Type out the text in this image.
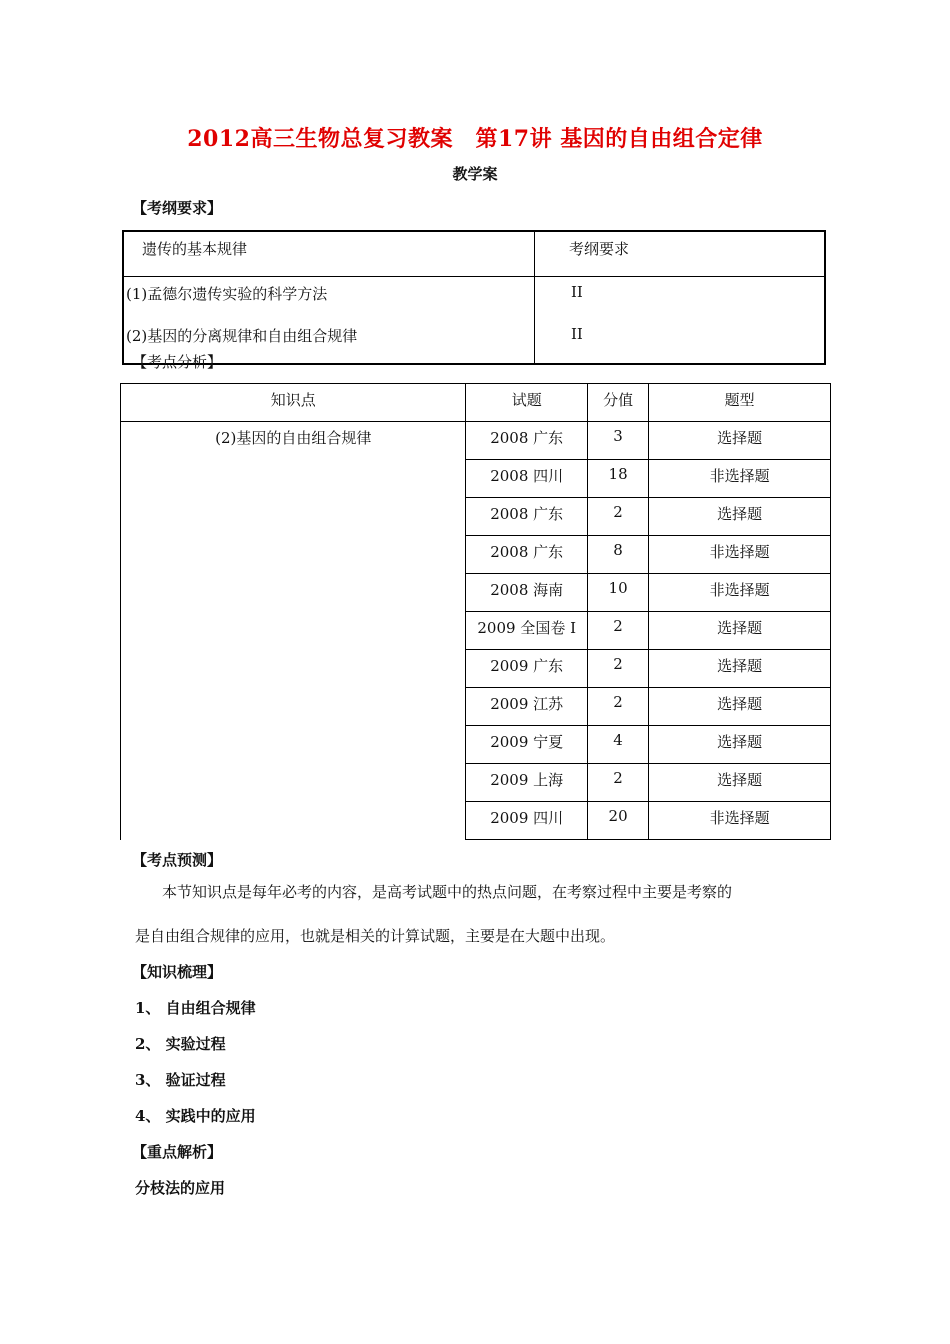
2012高三生物总复习教案　第17讲 基因的自由组合定律
教学案
【考纲要求】
遗传的基本规律	考纲要求
(1)孟德尔遗传实验的科学方法	II
(2)基因的分离规律和自由组合规律	II
【考点分析】
知识点	试题	分值	题型
(2)基因的自由组合规律	2008 广东	3	选择题
	2008 四川	18	非选择题
	2008 广东	2	选择题
	2008 广东	8	非选择题
	2008 海南	10	非选择题
	2009 全国卷 I	2	选择题
	2009 广东	2	选择题
	2009 江苏	2	选择题
	2009 宁夏	4	选择题
	2009 上海	2	选择题
	2009 四川	20	非选择题
【考点预测】
本节知识点是每年必考的内容，是高考试题中的热点问题，在考察过程中主要是考察的
是自由组合规律的应用，也就是相关的计算试题，主要是在大题中出现。
【知识梳理】
1、 自由组合规律
2、 实验过程
3、 验证过程
4、 实践中的应用
【重点解析】
分枝法的应用
